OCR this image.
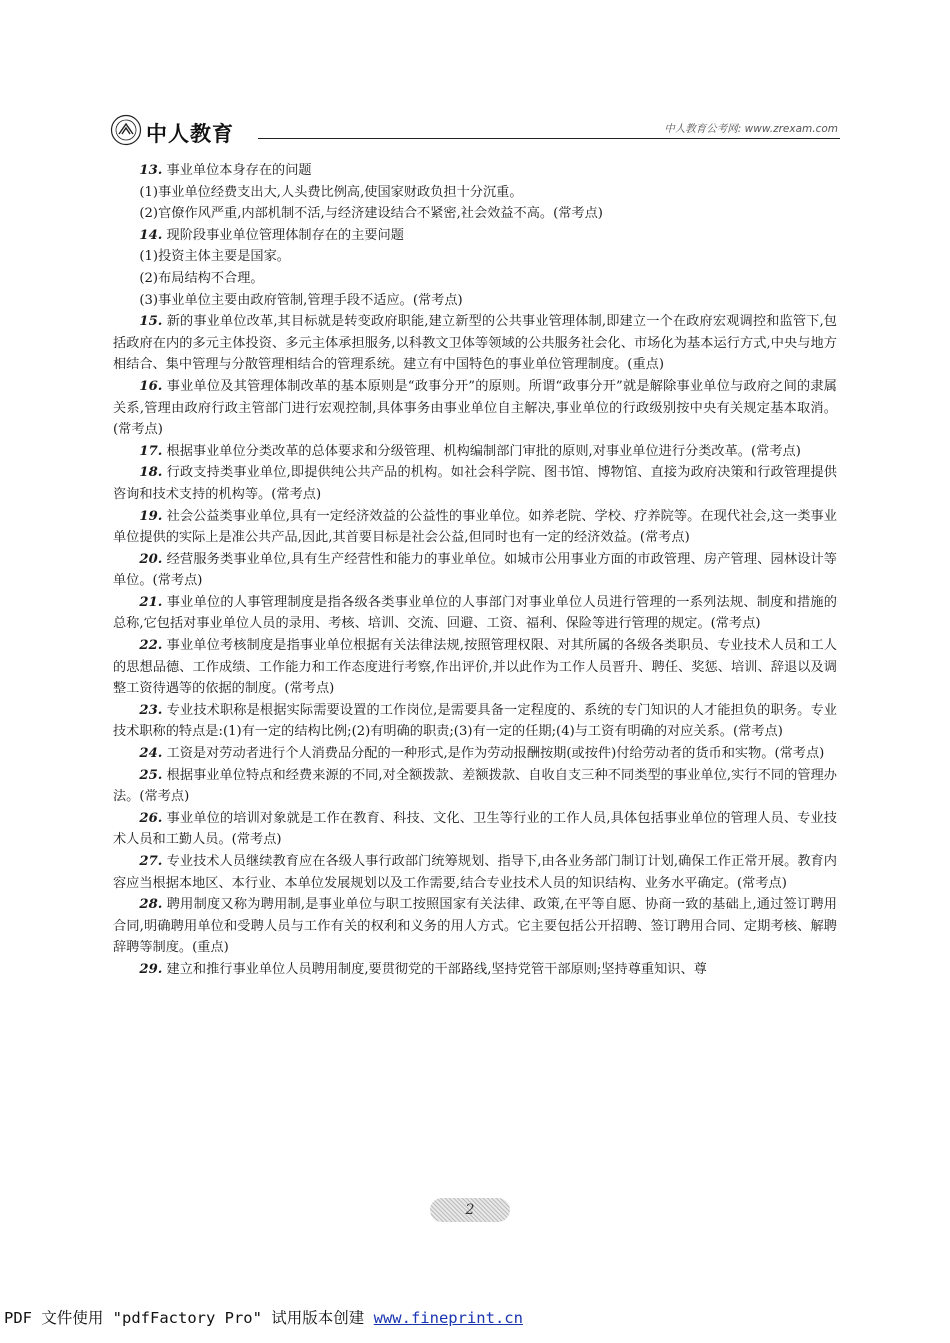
中人教育	中人教育公考网: www.zrexam.com

13. 事业单位本身存在的问题

(1)事业单位经费支出大,人头费比例高,使国家财政负担十分沉重。

(2)官僚作风严重,内部机制不活,与经济建设结合不紧密,社会效益不高。(常考点)

14. 现阶段事业单位管理体制存在的主要问题

(1)投资主体主要是国家。

(2)布局结构不合理。

(3)事业单位主要由政府管制,管理手段不适应。(常考点)

15. 新的事业单位改革,其目标就是转变政府职能,建立新型的公共事业管理体制,即建立一个在政府宏观调控和监管下,包括政府在内的多元主体投资、多元主体承担服务,以科教文卫体等领域的公共服务社会化、市场化为基本运行方式,中央与地方相结合、集中管理与分散管理相结合的管理系统。建立有中国特色的事业单位管理制度。(重点)

16. 事业单位及其管理体制改革的基本原则是“政事分开”的原则。所谓“政事分开”就是解除事业单位与政府之间的隶属关系,管理由政府行政主管部门进行宏观控制,具体事务由事业单位自主解决,事业单位的行政级别按中央有关规定基本取消。(常考点)

17. 根据事业单位分类改革的总体要求和分级管理、机构编制部门审批的原则,对事业单位进行分类改革。(常考点)

18. 行政支持类事业单位,即提供纯公共产品的机构。如社会科学院、图书馆、博物馆、直接为政府决策和行政管理提供咨询和技术支持的机构等。(常考点)

19. 社会公益类事业单位,具有一定经济效益的公益性的事业单位。如养老院、学校、疗养院等。在现代社会,这一类事业单位提供的实际上是准公共产品,因此,其首要目标是社会公益,但同时也有一定的经济效益。(常考点)

20. 经营服务类事业单位,具有生产经营性和能力的事业单位。如城市公用事业方面的市政管理、房产管理、园林设计等单位。(常考点)

21. 事业单位的人事管理制度是指各级各类事业单位的人事部门对事业单位人员进行管理的一系列法规、制度和措施的总称,它包括对事业单位人员的录用、考核、培训、交流、回避、工资、福利、保险等进行管理的规定。(常考点)

22. 事业单位考核制度是指事业单位根据有关法律法规,按照管理权限、对其所属的各级各类职员、专业技术人员和工人的思想品德、工作成绩、工作能力和工作态度进行考察,作出评价,并以此作为工作人员晋升、聘任、奖惩、培训、辞退以及调整工资待遇等的依据的制度。(常考点)

23. 专业技术职称是根据实际需要设置的工作岗位,是需要具备一定程度的、系统的专门知识的人才能担负的职务。专业技术职称的特点是:(1)有一定的结构比例;(2)有明确的职责;(3)有一定的任期;(4)与工资有明确的对应关系。(常考点)

24. 工资是对劳动者进行个人消费品分配的一种形式,是作为劳动报酬按期(或按件)付给劳动者的货币和实物。(常考点)

25. 根据事业单位特点和经费来源的不同,对全额拨款、差额拨款、自收自支三种不同类型的事业单位,实行不同的管理办法。(常考点)

26. 事业单位的培训对象就是工作在教育、科技、文化、卫生等行业的工作人员,具体包括事业单位的管理人员、专业技术人员和工勤人员。(常考点)

27. 专业技术人员继续教育应在各级人事行政部门统筹规划、指导下,由各业务部门制订计划,确保工作正常开展。教育内容应当根据本地区、本行业、本单位发展规划以及工作需要,结合专业技术人员的知识结构、业务水平确定。(常考点)

28. 聘用制度又称为聘用制,是事业单位与职工按照国家有关法律、政策,在平等自愿、协商一致的基础上,通过签订聘用合同,明确聘用单位和受聘人员与工作有关的权利和义务的用人方式。它主要包括公开招聘、签订聘用合同、定期考核、解聘辞聘等制度。(重点)

29. 建立和推行事业单位人员聘用制度,要贯彻党的干部路线,坚持党管干部原则;坚持尊重知识、尊

2
PDF 文件使用 "pdfFactory Pro" 试用版本创建 www.fineprint.cn
